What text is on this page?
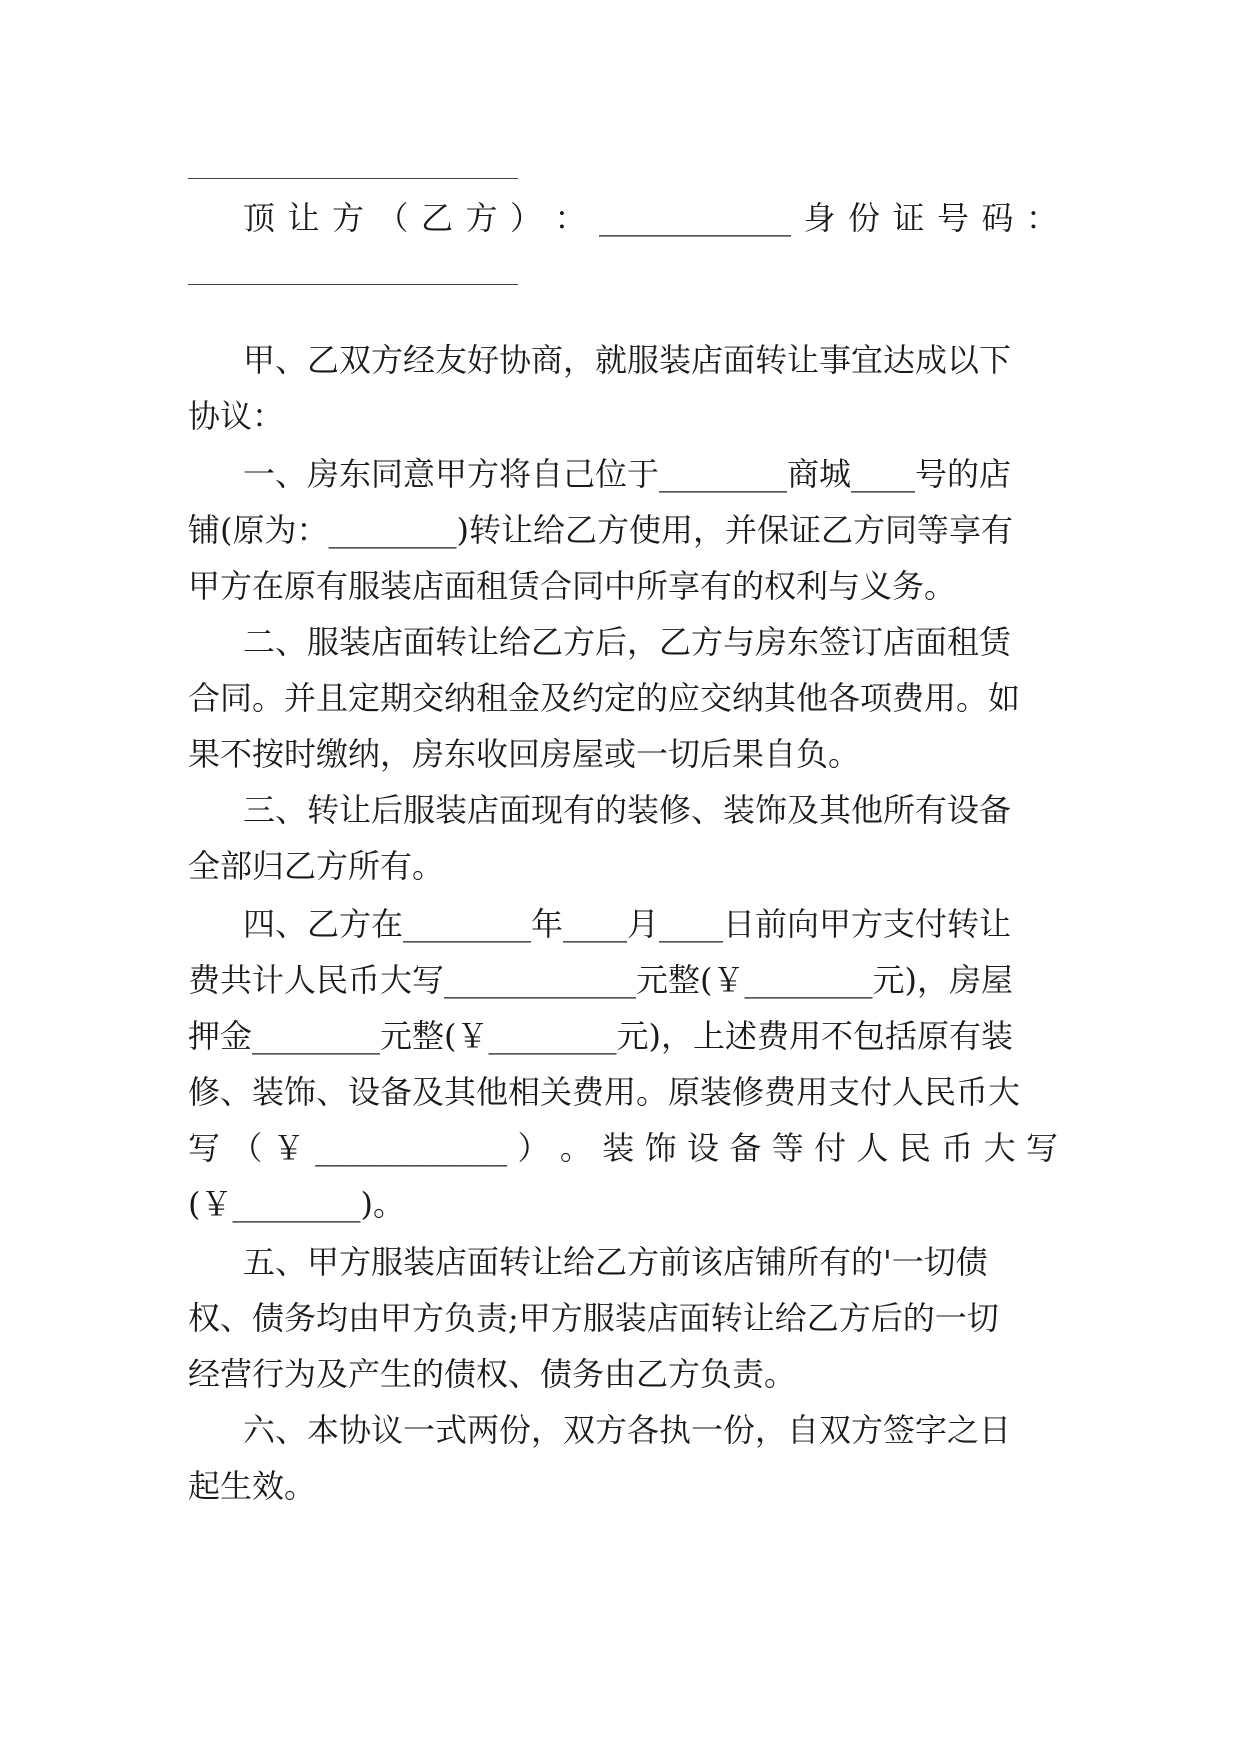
顶 让 方 （ 乙 方 ） ： ____________ 身 份 证 号 码 ：
甲、乙双方经友好协商，就服装店面转让事宜达成以下
协议：
一、房东同意甲方将自己位于________商城____号的店
铺(原为：________)转让给乙方使用，并保证乙方同等享有
甲方在原有服装店面租赁合同中所享有的权利与义务。
二、服装店面转让给乙方后，乙方与房东签订店面租赁
合同。并且定期交纳租金及约定的应交纳其他各项费用。如
果不按时缴纳，房东收回房屋或一切后果自负。
三、转让后服装店面现有的装修、装饰及其他所有设备
全部归乙方所有。
四、乙方在________年____月____日前向甲方支付转让
费共计人民币大写____________元整(￥________元)，房屋
押金________元整(￥________元)，上述费用不包括原有装
修、装饰、设备及其他相关费用。原装修费用支付人民币大
写 （ ￥ ____________ ） 。 装 饰 设 备 等 付 人 民 币 大 写
(￥________)。
五、甲方服装店面转让给乙方前该店铺所有的'一切债
权、债务均由甲方负责;甲方服装店面转让给乙方后的一切
经营行为及产生的债权、债务由乙方负责。
六、本协议一式两份，双方各执一份，自双方签字之日
起生效。
